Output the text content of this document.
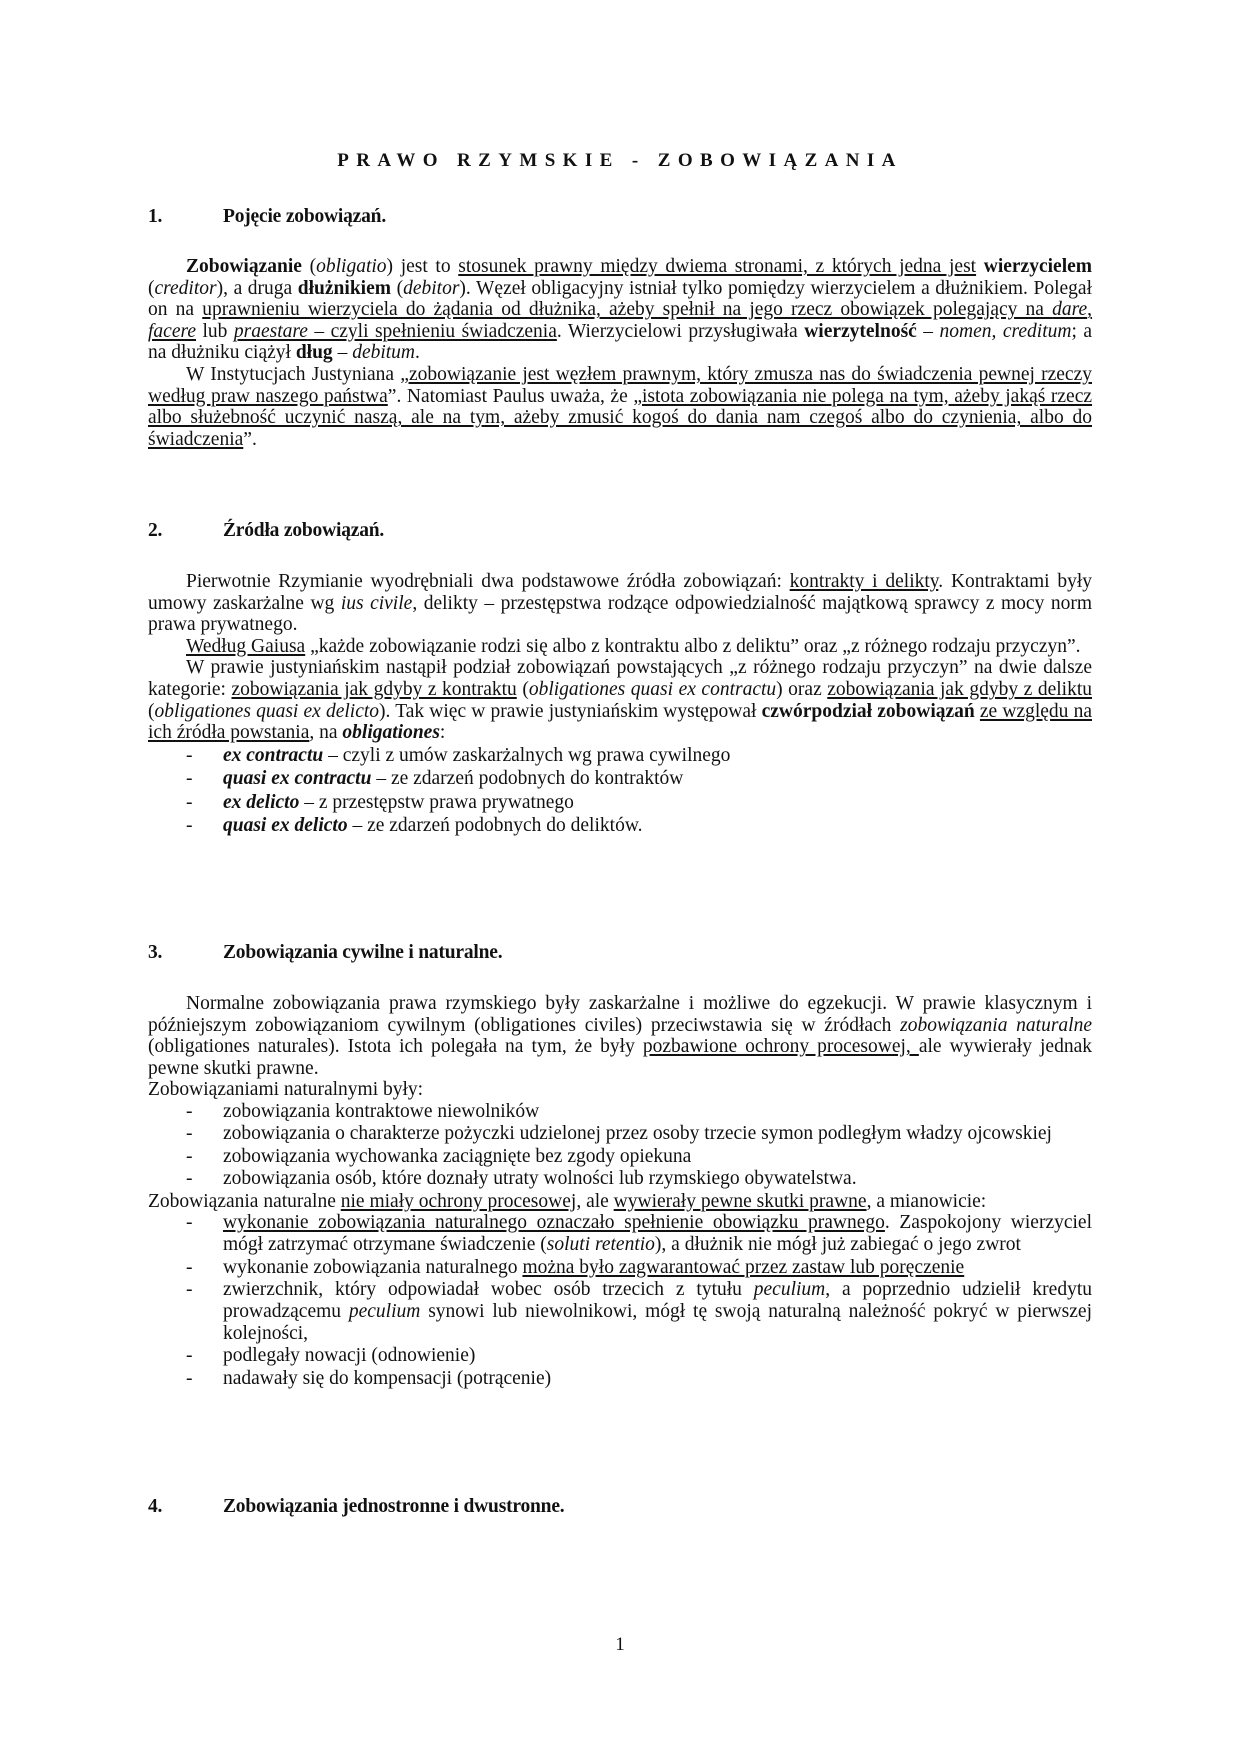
PRAWO RZYMSKIE - ZOBOWIĄZANIA
1.	Pojęcie zobowiązań.

Zobowiązanie (obligatio) jest to stosunek prawny między dwiema stronami, z których jedna jest wierzycielem (creditor), a druga dłużnikiem (debitor). Węzeł obligacyjny istniał tylko pomiędzy wierzycielem a dłużnikiem. Polegał on na uprawnieniu wierzyciela do żądania od dłużnika, ażeby spełnił na jego rzecz obowiązek polegający na dare, facere lub praestare – czyli spełnieniu świadczenia. Wierzycielowi przysługiwała wierzytelność – nomen, creditum; a na dłużniku ciążył dług – debitum.

W Instytucjach Justyniana „zobowiązanie jest węzłem prawnym, który zmusza nas do świadczenia pewnej rzeczy według praw naszego państwa”. Natomiast Paulus uważa, że „istota zobowiązania nie polega na tym, ażeby jakąś rzecz albo służebność uczynić naszą, ale na tym, ażeby zmusić kogoś do dania nam czegoś albo do czynienia, albo do świadczenia”.

2.	Źródła zobowiązań.

Pierwotnie Rzymianie wyodrębniali dwa podstawowe źródła zobowiązań: kontrakty i delikty. Kontraktami były umowy zaskarżalne wg ius civile, delikty – przestępstwa rodzące odpowiedzialność majątkową sprawcy z mocy norm prawa prywatnego.

Według Gaiusa „każde zobowiązanie rodzi się albo z kontraktu albo z deliktu” oraz „z różnego rodzaju przyczyn”.

W prawie justyniańskim nastąpił podział zobowiązań powstających „z różnego rodzaju przyczyn” na dwie dalsze kategorie: zobowiązania jak gdyby z kontraktu (obligationes quasi ex contractu) oraz zobowiązania jak gdyby z deliktu (obligationes quasi ex delicto). Tak więc w prawie justyniańskim występował czwórpodział zobowiązań ze względu na ich źródła powstania, na obligationes:

- ex contractu – czyli z umów zaskarżalnych wg prawa cywilnego
- quasi ex contractu – ze zdarzeń podobnych do kontraktów
- ex delicto – z przestępstw prawa prywatnego
- quasi ex delicto – ze zdarzeń podobnych do deliktów.
3.	Zobowiązania cywilne i naturalne.

Normalne zobowiązania prawa rzymskiego były zaskarżalne i możliwe do egzekucji. W prawie klasycznym i późniejszym zobowiązaniom cywilnym (obligationes civiles) przeciwstawia się w źródłach zobowiązania naturalne (obligationes naturales). Istota ich polegała na tym, że były pozbawione ochrony procesowej, ale wywierały jednak pewne skutki prawne.

Zobowiązaniami naturalnymi były:

- zobowiązania kontraktowe niewolników
- zobowiązania o charakterze pożyczki udzielonej przez osoby trzecie symon podległym władzy ojcowskiej
- zobowiązania wychowanka zaciągnięte bez zgody opiekuna
- zobowiązania osób, które doznały utraty wolności lub rzymskiego obywatelstwa.

Zobowiązania naturalne nie miały ochrony procesowej, ale wywierały pewne skutki prawne, a mianowicie:

- wykonanie zobowiązania naturalnego oznaczało spełnienie obowiązku prawnego. Zaspokojony wierzyciel mógł zatrzymać otrzymane świadczenie (soluti retentio), a dłużnik nie mógł już zabiegać o jego zwrot
- wykonanie zobowiązania naturalnego można było zagwarantować przez zastaw lub poręczenie
- zwierzchnik, który odpowiadał wobec osób trzecich z tytułu peculium, a poprzednio udzielił kredytu prowadzącemu peculium synowi lub niewolnikowi, mógł tę swoją naturalną należność pokryć w pierwszej kolejności,
- podlegały nowacji (odnowienie)
- nadawały się do kompensacji (potrącenie)
4.	Zobowiązania jednostronne i dwustronne.
1
